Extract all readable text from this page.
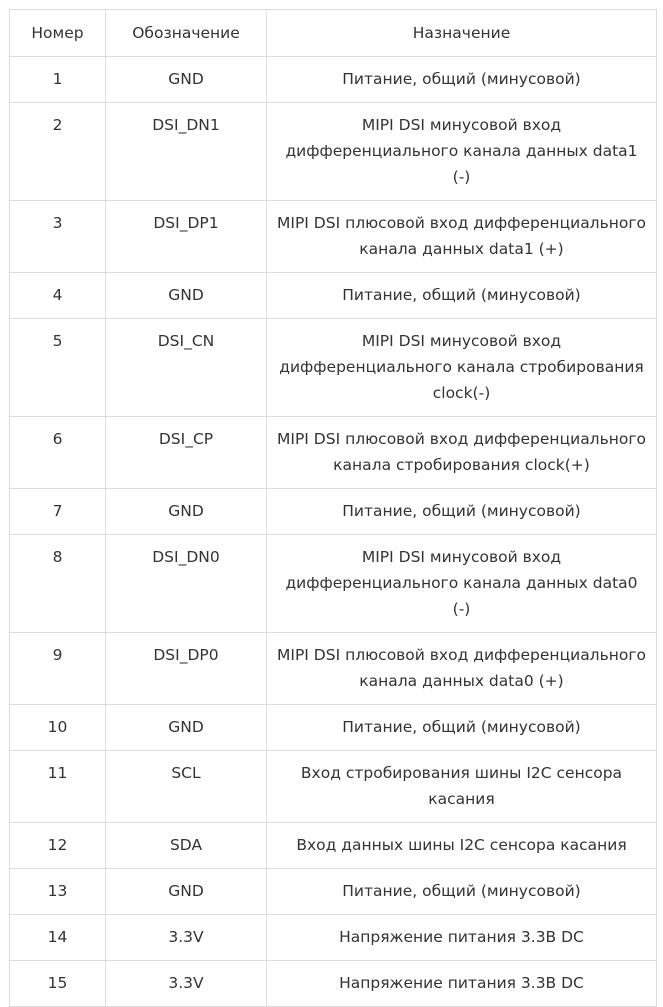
Номер	Обозначение	Назначение
1	GND	Питание, общий (минусовой)
2	DSI_DN1	MIPI DSI минусовой вход дифференциального канала данных data1 (-)
3	DSI_DP1	MIPI DSI плюсовой вход дифференциального канала данных data1 (+)
4	GND	Питание, общий (минусовой)
5	DSI_CN	MIPI DSI минусовой вход дифференциального канала стробирования clock(-)
6	DSI_CP	MIPI DSI плюсовой вход дифференциального канала стробирования clock(+)
7	GND	Питание, общий (минусовой)
8	DSI_DN0	MIPI DSI минусовой вход дифференциального канала данных data0 (-)
9	DSI_DP0	MIPI DSI плюсовой вход дифференциального канала данных data0 (+)
10	GND	Питание, общий (минусовой)
11	SCL	Вход стробирования шины I2C сенсора касания
12	SDA	Вход данных шины I2C сенсора касания
13	GND	Питание, общий (минусовой)
14	3.3V	Напряжение питания 3.3В DC
15	3.3V	Напряжение питания 3.3В DC
